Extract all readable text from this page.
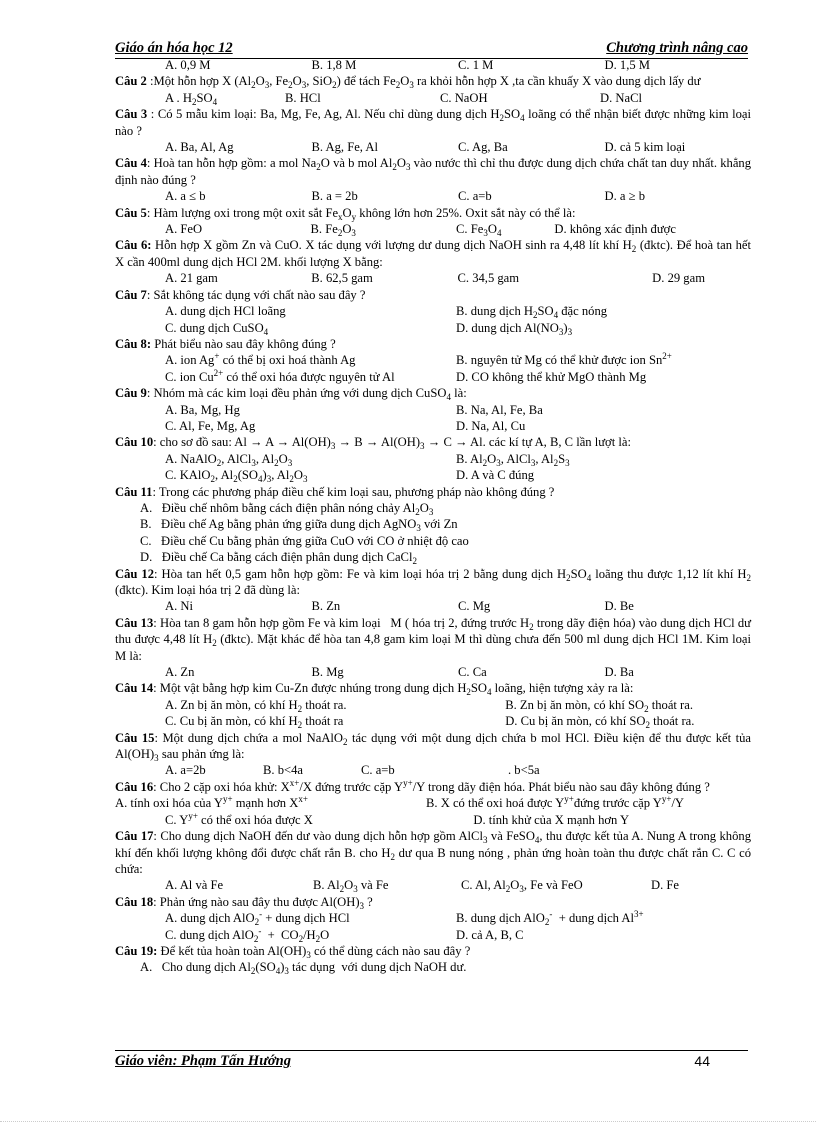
Giáo án hóa học 12	Chương trình nâng cao
A. 0,9 M	B. 1,8 M	C. 1 M	D. 1,5 M
Câu 2 :Một hỗn hợp X ($Al_2O_3$, $Fe_2O_3$, SiO$_2$) để tách $Fe_2O_3$ ra khỏi hỗn hợp X ,ta cần khuấy X vào dung dịch lấy dư
A . $H_2SO_4$	B. HCl	C. NaOH	D. NaCl
Câu 3 : Có 5 mẫu kim loại: Ba, Mg, Fe, Ag, Al. Nếu chỉ dùng dung dịch $H_2SO_4$ loãng có thể nhận biết được những kim loại nào ?
A. Ba, Al, Ag	B. Ag, Fe, Al	C. Ag, Ba	D. cả 5 kim loại
Câu 4: Hoà tan hỗn hợp gồm: a mol $Na_2O$ và b mol $Al_2O_3$ vào nước thì chỉ thu được dung dịch chứa chất tan duy nhất. khẳng định nào đúng ?
A. a ≤ b	B. a = 2b	C. a=b	D. a ≥ b
Câu 5: Hàm lượng oxi trong một oxit sắt $Fe_xO_y$ không lớn hơn 25%. Oxit sắt này có thể là:
A. FeO	B. $Fe_2O_3$	C. $Fe_3O_4$	D. không xác định được
Câu 6: Hỗn hợp X gồm Zn và CuO. X tác dụng với lượng dư dung dịch NaOH sinh ra 4,48 lít khí $H_2$ (đktc). Để hoà tan hết X cần 400ml dung dịch HCl 2M. khối lượng X bằng:
A. 21 gam	B. 62,5 gam	C. 34,5 gam	D. 29 gam
Câu 7: Sắt không tác dụng với chất nào sau đây ?
A. dung dịch HCl loãng	B. dung dịch $H_2SO_4$ đặc nóng
C. dung dịch CuSO$_4$	D. dung dịch $Al(NO_3)_3$
Câu 8: Phát biểu nào sau đây không đúng ?
A. ion Ag+ có thể bị oxi hoá thành Ag	B. nguyên tử Mg có thể khử được ion $Sn^{2+}$
C. ion $Cu^{2+}$ có thể oxi hóa được nguyên tử Al	D. CO không thể khử MgO thành Mg
Câu 9: Nhóm mà các kim loại đều phản ứng với dung dịch CuSO$_4$ là:
A. Ba, Mg, Hg	B. Na, Al, Fe, Ba
C. Al, Fe, Mg, Ag	D. Na, Al, Cu
Câu 10: cho sơ đồ sau: $Al \to A \to Al(OH)_3 \to B \to Al(OH)_3 \to C \to Al$. các kí tự A, B, C lần lượt là:
A. NaAlO$_2$, AlCl$_3$, $Al_2O_3$	B. $Al_2O_3$, AlCl$_3$, $Al_2S_3$
C. KAlO$_2$, $Al_2(SO_4)_3$, $Al_2O_3$	D. A và C đúng
Câu 11: Trong các phương pháp điều chế kim loại sau, phương pháp nào không đúng ?
A.   Điều chế nhôm bằng cách điện phân nóng chảy $Al_2O_3$
B.   Điều chế Ag bằng phản ứng giữa dung dịch AgNO$_3$ với Zn
C.   Điều chế Cu bằng phản ứng giữa CuO với CO ở nhiệt độ cao
D.   Điều chế Ca bằng cách điện phân dung dịch CaCl$_2$
Câu 12: Hòa tan hết 0,5 gam hỗn hợp gồm: Fe và kim loại hóa trị 2 bằng dung dịch $H_2SO_4$ loãng thu được 1,12 lít khí $H_2$ (đktc). Kim loại hóa trị 2 đã dùng là:
A. Ni	B. Zn	C. Mg	D. Be
Câu 13: Hòa tan 8 gam hỗn hợp gồm Fe và kim loại   M ( hóa trị 2, đứng trước $H_2$ trong dãy điện hóa) vào dung dịch HCl dư thu được 4,48 lít $H_2$ (đktc). Mặt khác để hòa tan 4,8 gam kim loại M thì dùng chưa đến 500 ml dung dịch HCl 1M. Kim loại M là:
A. Zn	B. Mg	C. Ca	D. Ba
Câu 14: Một vật bằng hợp kim Cu-Zn được nhúng trong dung dịch $H_2SO_4$ loãng, hiện tượng xảy ra là:
A. Zn bị ăn mòn, có khí $H_2$ thoát ra.	B. Zn bị ăn mòn, có khí $SO_2$ thoát ra.
C. Cu bị ăn mòn, có khí $H_2$ thoát ra	D. Cu bị ăn mòn, có khí $SO_2$ thoát ra.
Câu 15: Một dung dịch chứa a mol NaAlO$_2$ tác dụng với một dung dịch chứa b mol HCl. Điều kiện để thu được kết tủa $Al(OH)_3$ sau phản ứng là:
A. a=2b	B. b<4a	C. a=b	. b<5a
Câu 16: Cho 2 cặp oxi hóa khử: $X^{x+}/X$ đứng trước cặp $Y^{y+}/Y$ trong dãy điện hóa. Phát biểu nào sau đây không đúng ?
A. tính oxi hóa của $Y^{y+}$ mạnh hơn $X^{x+}$	B. X có thể oxi hoá được $Y^{y+}đứng$ trước cặp $Y^{y+}/Y$
C. $Y^{y+}$ có thể oxi hóa được X	D. tính khử của X mạnh hơn Y
Câu 17: Cho dung dịch NaOH đến dư vào dung dịch hỗn hợp gồm AlCl$_3$ và FeSO$_4$, thu được kết tủa A. Nung A trong không khí đến khối lượng không đổi được chất rắn B. cho $H_2$ dư qua B nung nóng , phản ứng hoàn toàn thu được chất rắn C. C có chứa:
A. Al và Fe	B. $Al_2O_3$ và Fe	C. Al, $Al_2O_3$, Fe và FeO	D. Fe
Câu 18: Phản ứng nào sau đây thu được $Al(OH)_3$ ?
A. dung dịch AlO$_2$- + dung dịch HCl	B. dung dịch AlO$_2$-  + dung dịch $Al^{3+}$
C. dung dịch $AlO_2^- + CO_2/H_2O$	D. cả A, B, C
Câu 19: Để kết tủa hoàn toàn $Al(OH)_3$ có thể dùng cách nào sau đây ?
A.   Cho dung dịch $Al_2(SO_4)_3$ tác dụng  với dung dịch NaOH dư.
Giáo viên: Phạm Tấn Hướng	44
